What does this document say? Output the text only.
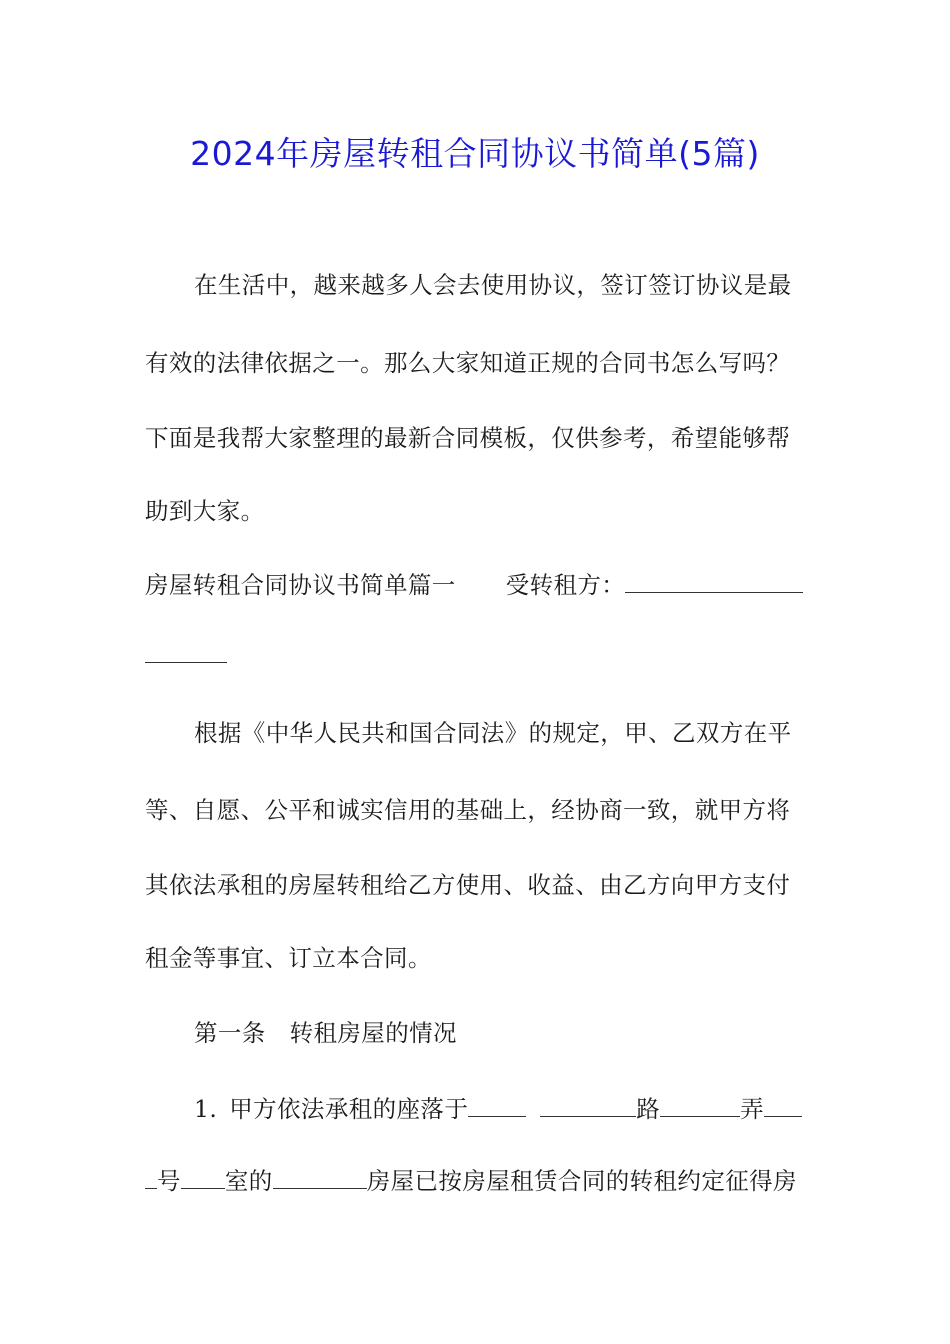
2024年房屋转租合同协议书简单(5篇)
在生活中，越来越多人会去使用协议，签订签订协议是最
有效的法律依据之一。那么大家知道正规的合同书怎么写吗？
下面是我帮大家整理的最新合同模板，仅供参考，希望能够帮
助到大家。
房屋转租合同协议书简单篇一 受转租方：
根据《中华人民共和国合同法》的规定，甲、乙双方在平
等、自愿、公平和诚实信用的基础上，经协商一致，就甲方将
其依法承租的房屋转租给乙方使用、收益、由乙方向甲方支付
租金等事宜、订立本合同。
第一条　转租房屋的情况
1. 甲方依法承租的座落于	路	弄
号 室的	房屋已按房屋租赁合同的转租约定征得房
